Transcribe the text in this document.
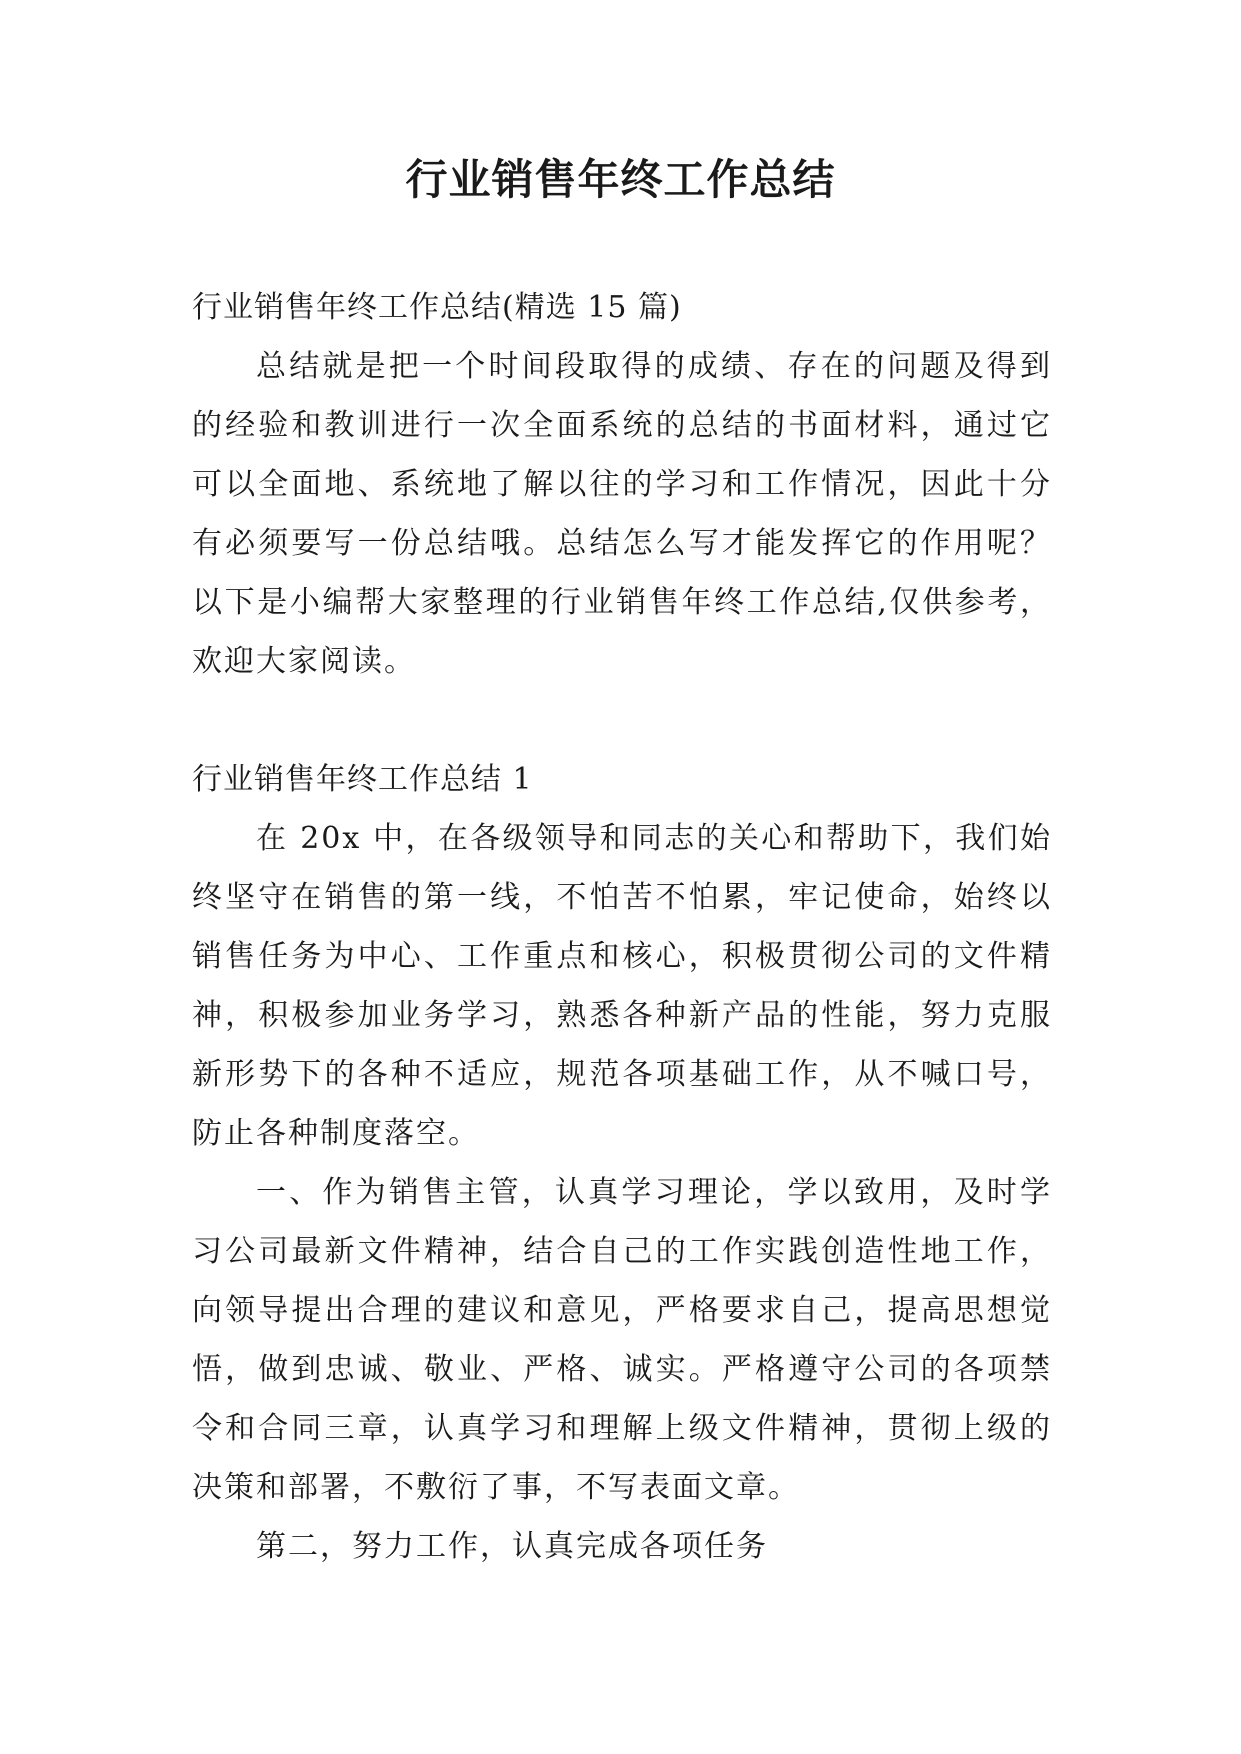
行业销售年终工作总结

行业销售年终工作总结(精选 15 篇)

总结就是把一个时间段取得的成绩、存在的问题及得到的经验和教训进行一次全面系统的总结的书面材料，通过它可以全面地、系统地了解以往的学习和工作情况，因此十分有必须要写一份总结哦。总结怎么写才能发挥它的作用呢？以下是小编帮大家整理的行业销售年终工作总结,仅供参考，欢迎大家阅读。

行业销售年终工作总结 1

在 20x 中，在各级领导和同志的关心和帮助下，我们始终坚守在销售的第一线，不怕苦不怕累，牢记使命，始终以销售任务为中心、工作重点和核心，积极贯彻公司的文件精神，积极参加业务学习，熟悉各种新产品的性能，努力克服新形势下的各种不适应，规范各项基础工作，从不喊口号，防止各种制度落空。

一、作为销售主管，认真学习理论，学以致用，及时学习公司最新文件精神，结合自己的工作实践创造性地工作，向领导提出合理的建议和意见，严格要求自己，提高思想觉悟，做到忠诚、敬业、严格、诚实。严格遵守公司的各项禁令和合同三章，认真学习和理解上级文件精神，贯彻上级的决策和部署，不敷衍了事，不写表面文章。

第二，努力工作，认真完成各项任务
